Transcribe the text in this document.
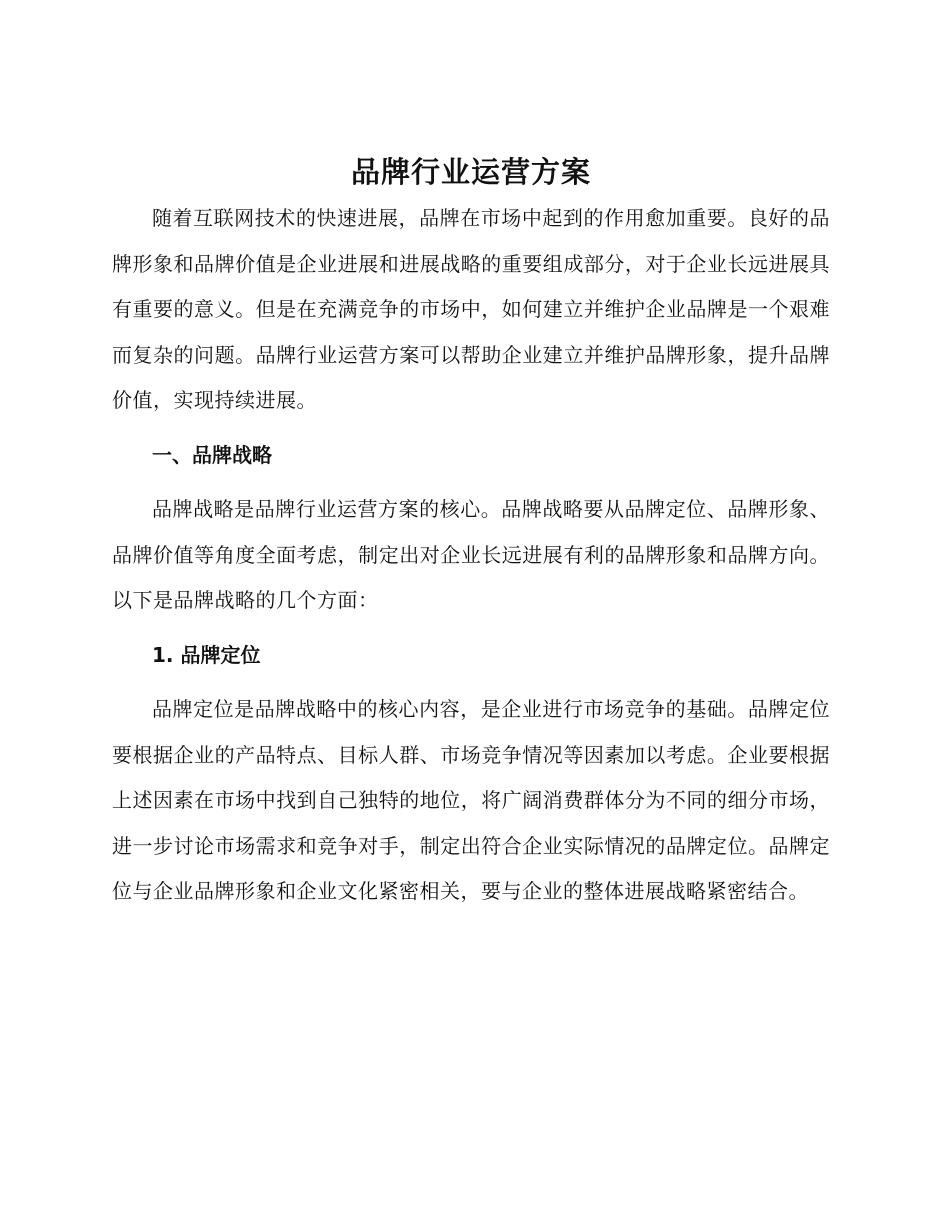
品牌行业运营方案

随着互联网技术的快速进展，品牌在市场中起到的作用愈加重要。良好的品牌形象和品牌价值是企业进展和进展战略的重要组成部分，对于企业长远进展具有重要的意义。但是在充满竞争的市场中，如何建立并维护企业品牌是一个艰难而复杂的问题。品牌行业运营方案可以帮助企业建立并维护品牌形象，提升品牌价值，实现持续进展。

一、品牌战略

品牌战略是品牌行业运营方案的核心。品牌战略要从品牌定位、品牌形象、品牌价值等角度全面考虑，制定出对企业长远进展有利的品牌形象和品牌方向。以下是品牌战略的几个方面：

1. 品牌定位

品牌定位是品牌战略中的核心内容，是企业进行市场竞争的基础。品牌定位要根据企业的产品特点、目标人群、市场竞争情况等因素加以考虑。企业要根据上述因素在市场中找到自己独特的地位，将广阔消费群体分为不同的细分市场，进一步讨论市场需求和竞争对手，制定出符合企业实际情况的品牌定位。品牌定位与企业品牌形象和企业文化紧密相关，要与企业的整体进展战略紧密结合。
